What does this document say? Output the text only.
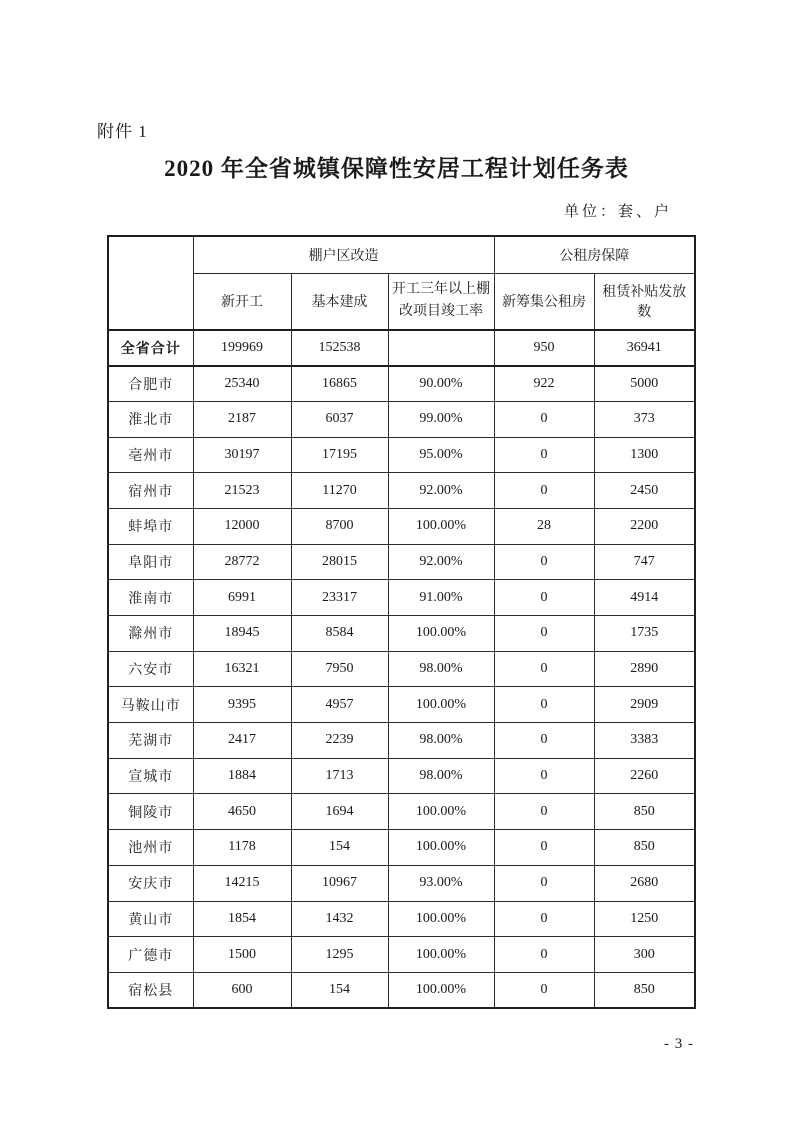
附件 1
2020 年全省城镇保障性安居工程计划任务表
单位：套、户
	棚户区改造			公租房保障	
	新开工	基本建成	开工三年以上棚改项目竣工率	新筹集公租房	租赁补贴发放数
全省合计	199969	152538		950	36941
合肥市	25340	16865	90.00%	922	5000
淮北市	2187	6037	99.00%	0	373
亳州市	30197	17195	95.00%	0	1300
宿州市	21523	11270	92.00%	0	2450
蚌埠市	12000	8700	100.00%	28	2200
阜阳市	28772	28015	92.00%	0	747
淮南市	6991	23317	91.00%	0	4914
滁州市	18945	8584	100.00%	0	1735
六安市	16321	7950	98.00%	0	2890
马鞍山市	9395	4957	100.00%	0	2909
芜湖市	2417	2239	98.00%	0	3383
宣城市	1884	1713	98.00%	0	2260
铜陵市	4650	1694	100.00%	0	850
池州市	1178	154	100.00%	0	850
安庆市	14215	10967	93.00%	0	2680
黄山市	1854	1432	100.00%	0	1250
广德市	1500	1295	100.00%	0	300
宿松县	600	154	100.00%	0	850
- 3 -
